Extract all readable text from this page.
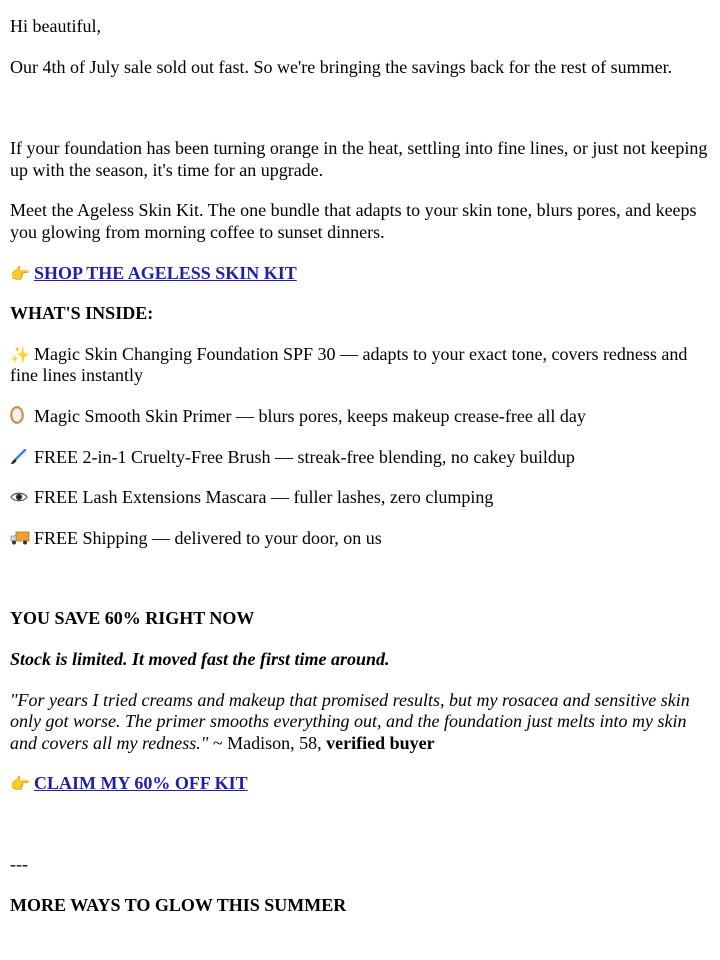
Hi beautiful,

Our 4th of July sale sold out fast. So we're bringing the savings back for the rest of summer.

If your foundation has been turning orange in the heat, settling into fine lines, or just not keeping up with the season, it's time for an upgrade.

Meet the Ageless Skin Kit. The one bundle that adapts to your skin tone, blurs pores, and keeps you glowing from morning coffee to sunset dinners.

👉 SHOP THE AGELESS SKIN KIT

WHAT'S INSIDE:

✨ Magic Skin Changing Foundation SPF 30 — adapts to your exact tone, covers redness and fine lines instantly

Magic Smooth Skin Primer — blurs pores, keeps makeup crease-free all day

FREE 2-in-1 Cruelty-Free Brush — streak-free blending, no cakey buildup

FREE Lash Extensions Mascara — fuller lashes, zero clumping

FREE Shipping — delivered to your door, on us

YOU SAVE 60% RIGHT NOW

Stock is limited. It moved fast the first time around.

"For years I tried creams and makeup that promised results, but my rosacea and sensitive skin only got worse. The primer smooths everything out, and the foundation just melts into my skin and covers all my redness." ~ Madison, 58, verified buyer

👉 CLAIM MY 60% OFF KIT

---

MORE WAYS TO GLOW THIS SUMMER
